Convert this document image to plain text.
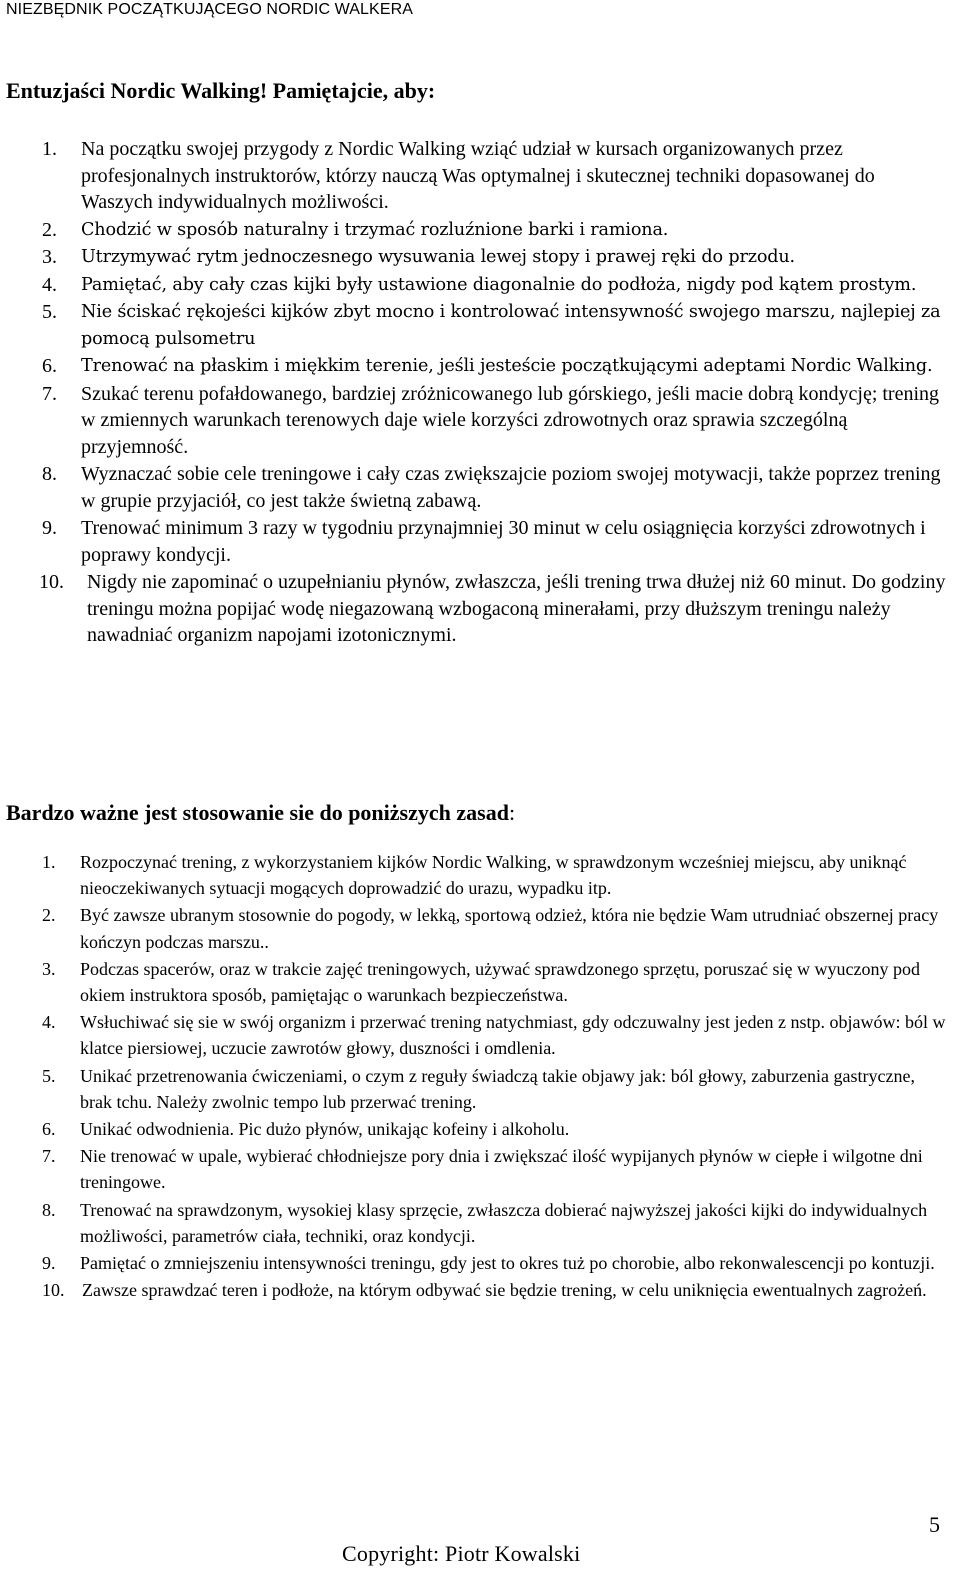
NIEZBĘDNIK POCZĄTKUJĄCEGO NORDIC WALKERA
Entuzjaści Nordic Walking! Pamiętajcie, aby:
1. Na początku swojej przygody z Nordic Walking wziąć udział w kursach organizowanych przez profesjonalnych instruktorów, którzy nauczą Was optymalnej i skutecznej techniki dopasowanej do Waszych indywidualnych możliwości.
2. Chodzić w sposób naturalny i trzymać rozluźnione barki i ramiona.
3. Utrzymywać rytm jednoczesnego wysuwania lewej stopy i prawej ręki do przodu.
4. Pamiętać, aby cały czas kijki były ustawione diagonalnie do podłoża, nigdy pod kątem prostym.
5. Nie ściskać rękojeści kijków zbyt mocno i kontrolować intensywność swojego marszu, najlepiej za pomocą pulsometru
6. Trenować na płaskim i miękkim terenie, jeśli jesteście początkującymi adeptami Nordic Walking.
7. Szukać terenu pofałdowanego, bardziej zróżnicowanego lub górskiego, jeśli macie dobrą kondycję; trening w zmiennych warunkach terenowych daje wiele korzyści zdrowotnych oraz sprawia szczególną przyjemność.
8. Wyznaczać sobie cele treningowe i cały czas zwiększajcie poziom swojej motywacji, także poprzez trening w grupie przyjaciół, co jest także świetną zabawą.
9. Trenować minimum 3 razy w tygodniu przynajmniej 30 minut w celu osiągnięcia korzyści zdrowotnych i poprawy kondycji.
10. Nigdy nie zapominać o uzupełnianiu płynów, zwłaszcza, jeśli trening trwa dłużej niż 60 minut. Do godziny treningu można popijać wodę niegazowaną wzbogaconą minerałami, przy dłuższym treningu należy nawadniać organizm napojami izotonicznymi.
Bardzo ważne jest stosowanie sie do poniższych zasad:
1. Rozpoczynać trening, z wykorzystaniem kijków Nordic Walking, w sprawdzonym wcześniej miejscu, aby uniknąć nieoczekiwanych sytuacji mogących doprowadzić do urazu, wypadku itp.
2. Być zawsze ubranym stosownie do pogody, w lekką, sportową odzież, która nie będzie Wam utrudniać obszernej pracy kończyn podczas marszu..
3. Podczas spacerów, oraz w trakcie zajęć treningowych, używać sprawdzonego sprzętu, poruszać się w wyuczony pod okiem instruktora sposób, pamiętając o warunkach bezpieczeństwa.
4. Wsłuchiwać się sie w swój organizm i przerwać trening natychmiast, gdy odczuwalny jest jeden z nstp. objawów: ból w klatce piersiowej, uczucie zawrotów głowy, duszności i omdlenia.
5. Unikać przetrenowania ćwiczeniami, o czym z reguły świadczą takie objawy jak: ból głowy, zaburzenia gastryczne, brak tchu. Należy zwolnic tempo lub przerwać trening.
6. Unikać odwodnienia. Pic dużo płynów, unikając kofeiny i alkoholu.
7. Nie trenować w upale, wybierać chłodniejsze pory dnia i zwiększać ilość wypijanych płynów w ciepłe i wilgotne dni treningowe.
8. Trenować na sprawdzonym, wysokiej klasy sprzęcie, zwłaszcza dobierać najwyższej jakości kijki do indywidualnych możliwości, parametrów ciała, techniki, oraz kondycji.
9. Pamiętać o zmniejszeniu intensywności treningu, gdy jest to okres tuż po chorobie, albo rekonwalescencji po kontuzji.
10. Zawsze sprawdzać teren i podłoże, na którym odbywać sie będzie trening, w celu uniknięcia ewentualnych zagrożeń.
5
Copyright: Piotr Kowalski
